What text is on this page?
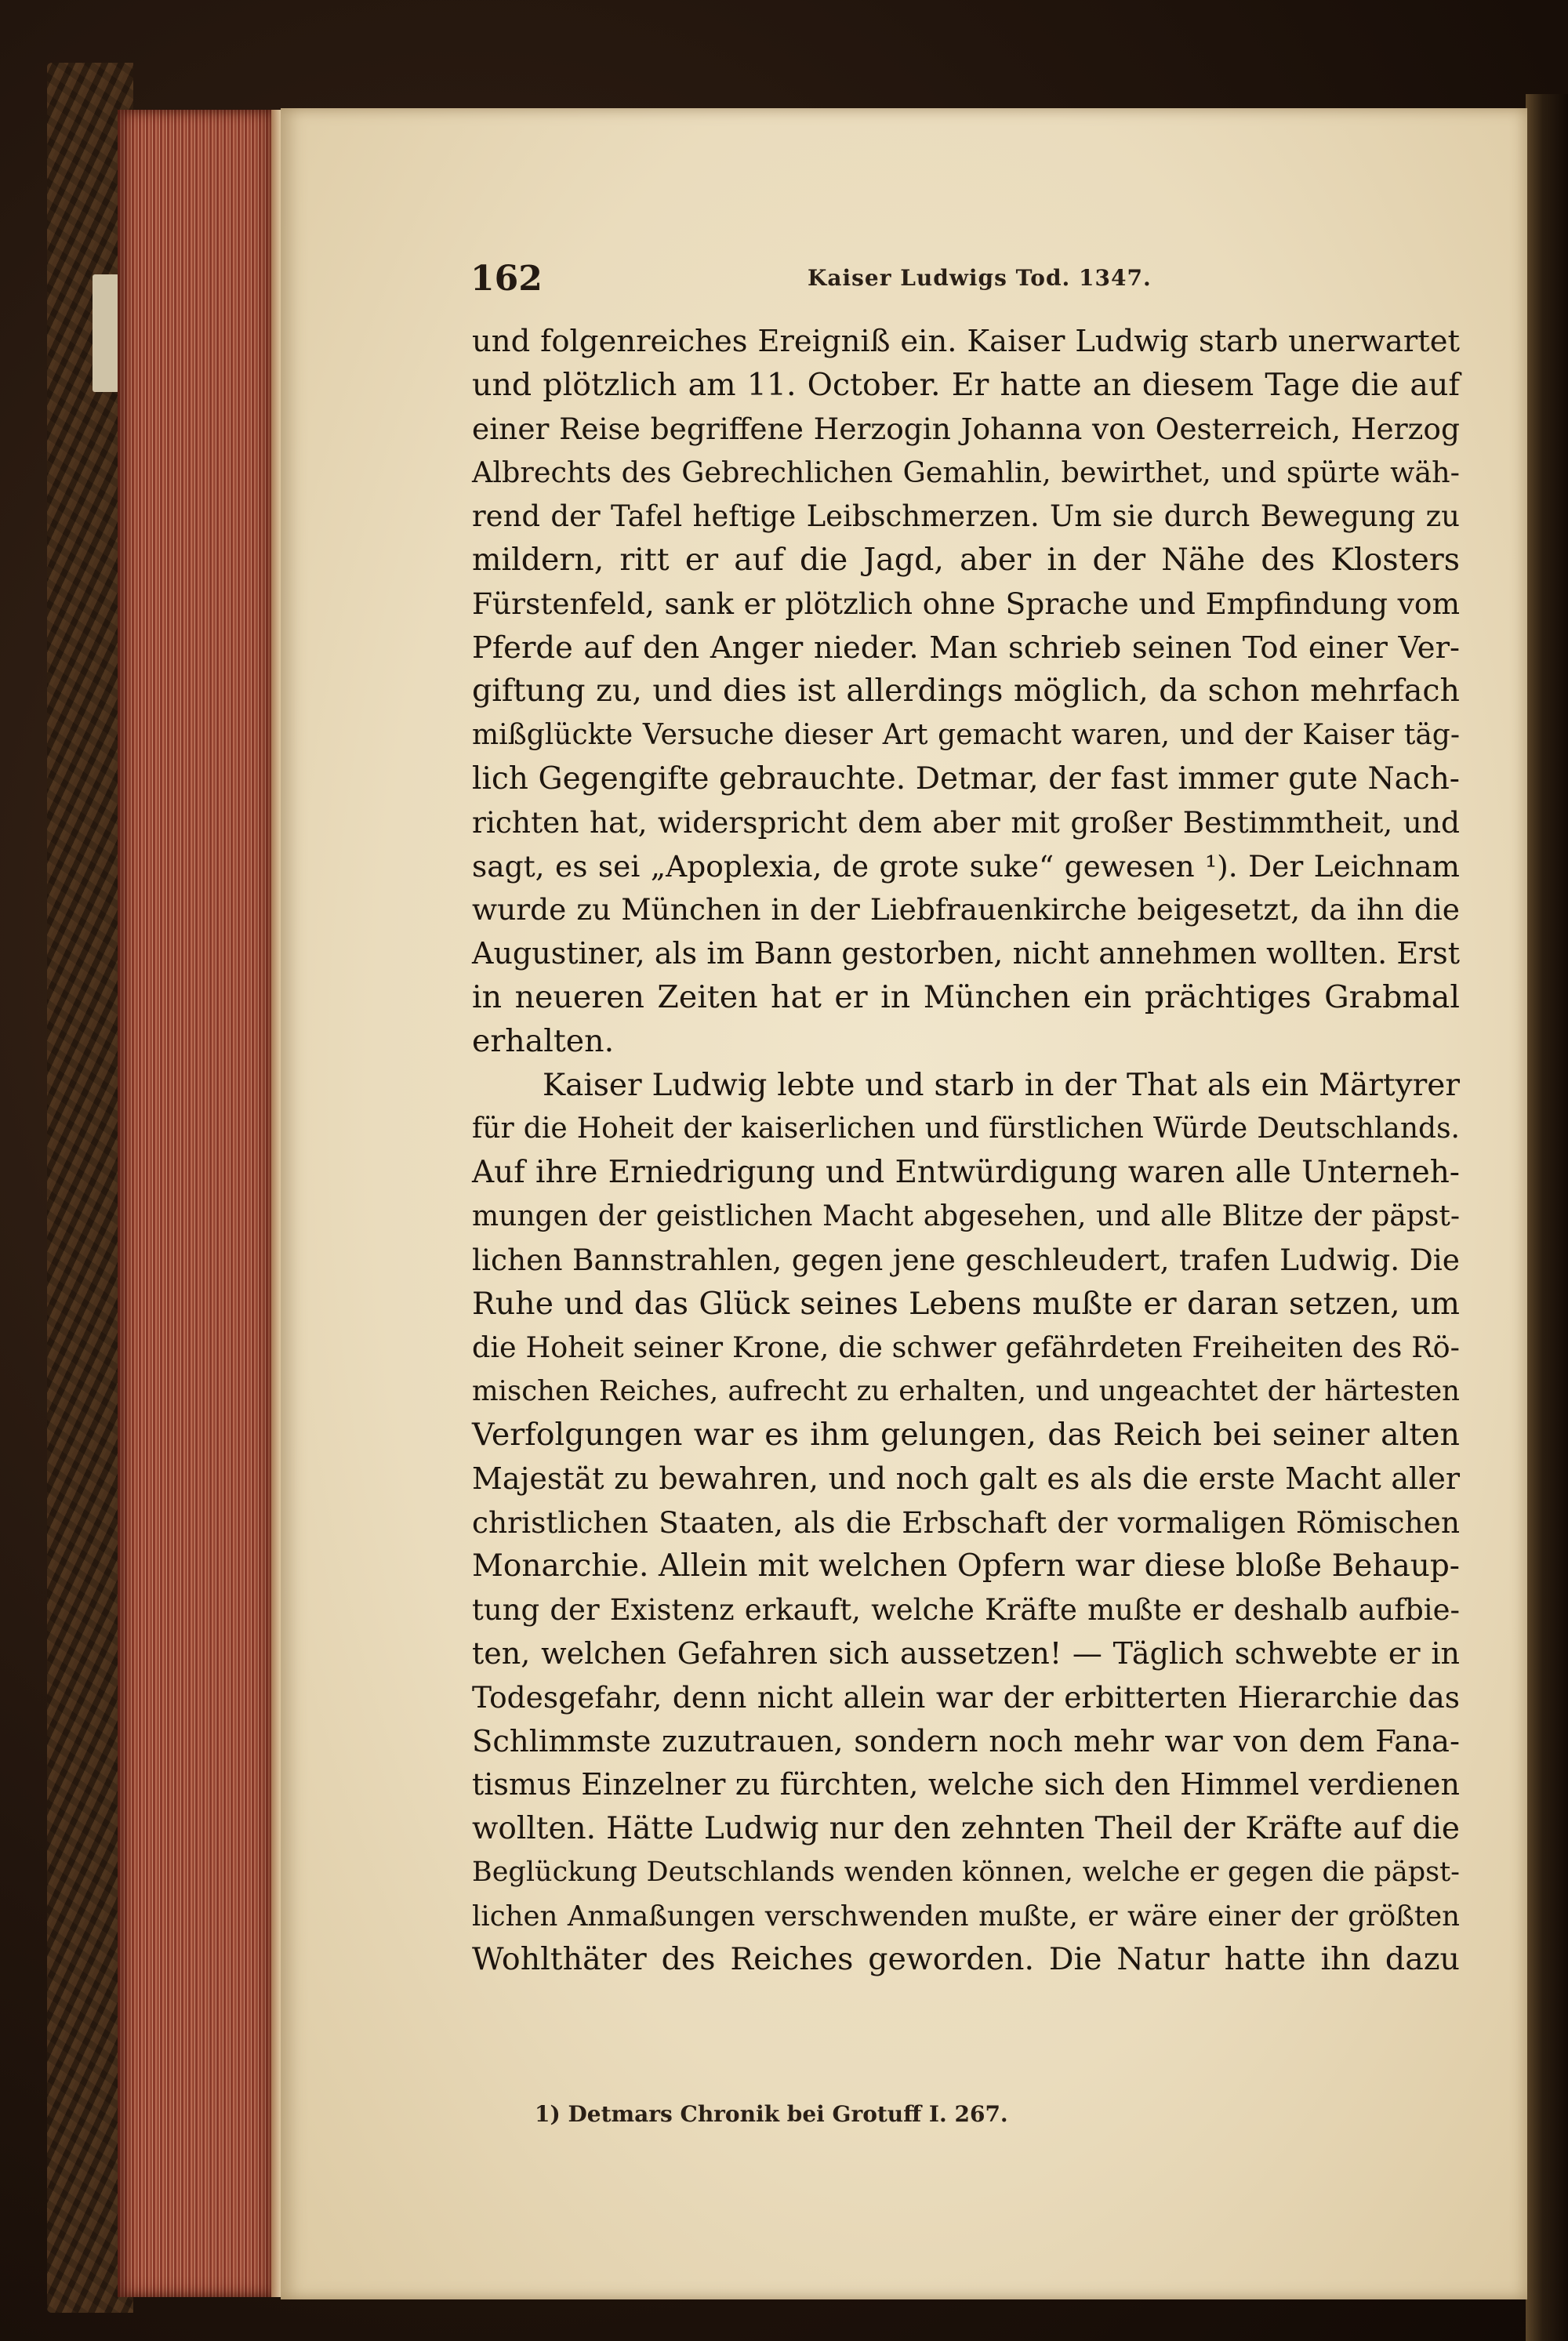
162	Kaiser Ludwigs Tod. 1347.
und folgenreiches Ereigniß ein. Kaiser Ludwig starb unerwartet
und plötzlich am 11. October. Er hatte an diesem Tage die auf
einer Reise begriffene Herzogin Johanna von Oesterreich, Herzog
Albrechts des Gebrechlichen Gemahlin, bewirthet, und spürte wäh-
rend der Tafel heftige Leibschmerzen. Um sie durch Bewegung zu
mildern, ritt er auf die Jagd, aber in der Nähe des Klosters
Fürstenfeld, sank er plötzlich ohne Sprache und Empfindung vom
Pferde auf den Anger nieder. Man schrieb seinen Tod einer Ver-
giftung zu, und dies ist allerdings möglich, da schon mehrfach
mißglückte Versuche dieser Art gemacht waren, und der Kaiser täg-
lich Gegengifte gebrauchte. Detmar, der fast immer gute Nach-
richten hat, widerspricht dem aber mit großer Bestimmtheit, und
sagt, es sei „Apoplexia, de grote suke“ gewesen ¹). Der Leichnam
wurde zu München in der Liebfrauenkirche beigesetzt, da ihn die
Augustiner, als im Bann gestorben, nicht annehmen wollten. Erst
in neueren Zeiten hat er in München ein prächtiges Grabmal
erhalten.
Kaiser Ludwig lebte und starb in der That als ein Märtyrer
für die Hoheit der kaiserlichen und fürstlichen Würde Deutschlands.
Auf ihre Erniedrigung und Entwürdigung waren alle Unterneh-
mungen der geistlichen Macht abgesehen, und alle Blitze der päpst-
lichen Bannstrahlen, gegen jene geschleudert, trafen Ludwig. Die
Ruhe und das Glück seines Lebens mußte er daran setzen, um
die Hoheit seiner Krone, die schwer gefährdeten Freiheiten des Rö-
mischen Reiches, aufrecht zu erhalten, und ungeachtet der härtesten
Verfolgungen war es ihm gelungen, das Reich bei seiner alten
Majestät zu bewahren, und noch galt es als die erste Macht aller
christlichen Staaten, als die Erbschaft der vormaligen Römischen
Monarchie. Allein mit welchen Opfern war diese bloße Behaup-
tung der Existenz erkauft, welche Kräfte mußte er deshalb aufbie-
ten, welchen Gefahren sich aussetzen! — Täglich schwebte er in
Todesgefahr, denn nicht allein war der erbitterten Hierarchie das
Schlimmste zuzutrauen, sondern noch mehr war von dem Fana-
tismus Einzelner zu fürchten, welche sich den Himmel verdienen
wollten. Hätte Ludwig nur den zehnten Theil der Kräfte auf die
Beglückung Deutschlands wenden können, welche er gegen die päpst-
lichen Anmaßungen verschwenden mußte, er wäre einer der größten
Wohlthäter des Reiches geworden. Die Natur hatte ihn dazu
1) Detmars Chronik bei Grotuff I. 267.
